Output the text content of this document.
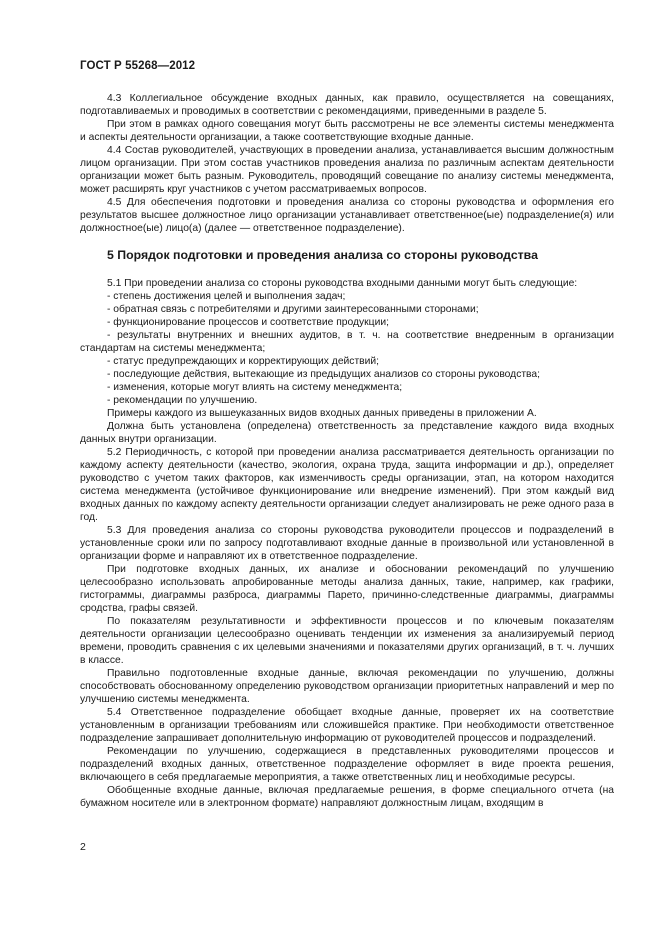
ГОСТ Р 55268—2012

4.3 Коллегиальное обсуждение входных данных, как правило, осуществляется на совещаниях, подготавливаемых и проводимых в соответствии с рекомендациями, приведенными в разделе 5.

При этом в рамках одного совещания могут быть рассмотрены не все элементы системы менеджмента и аспекты деятельности организации, а также соответствующие входные данные.

4.4 Состав руководителей, участвующих в проведении анализа, устанавливается высшим должностным лицом организации. При этом состав участников проведения анализа по различным аспектам деятельности организации может быть разным. Руководитель, проводящий совещание по анализу системы менеджмента, может расширять круг участников с учетом рассматриваемых вопросов.

4.5 Для обеспечения подготовки и проведения анализа со стороны руководства и оформления его результатов высшее должностное лицо организации устанавливает ответственное(ые) подразделение(я) или должностное(ые) лицо(а) (далее — ответственное подразделение).

5 Порядок подготовки и проведения анализа со стороны руководства

5.1 При проведении анализа со стороны руководства входными данными могут быть следующие:

- степень достижения целей и выполнения задач;

- обратная связь с потребителями и другими заинтересованными сторонами;

- функционирование процессов и соответствие продукции;

- результаты внутренних и внешних аудитов, в т. ч. на соответствие внедренным в организации стандартам на системы менеджмента;

- статус предупреждающих и корректирующих действий;

- последующие действия, вытекающие из предыдущих анализов со стороны руководства;

- изменения, которые могут влиять на систему менеджмента;

- рекомендации по улучшению.

Примеры каждого из вышеуказанных видов входных данных приведены в приложении А.

Должна быть установлена (определена) ответственность за представление каждого вида входных данных внутри организации.

5.2 Периодичность, с которой при проведении анализа рассматривается деятельность организации по каждому аспекту деятельности (качество, экология, охрана труда, защита информации и др.), определяет руководство с учетом таких факторов, как изменчивость среды организации, этап, на котором находится система менеджмента (устойчивое функционирование или внедрение изменений). При этом каждый вид входных данных по каждому аспекту деятельности организации следует анализировать не реже одного раза в год.

5.3 Для проведения анализа со стороны руководства руководители процессов и подразделений в установленные сроки или по запросу подготавливают входные данные в произвольной или установленной в организации форме и направляют их в ответственное подразделение.

При подготовке входных данных, их анализе и обосновании рекомендаций по улучшению целесообразно использовать апробированные методы анализа данных, такие, например, как графики, гистограммы, диаграммы разброса, диаграммы Парето, причинно-следственные диаграммы, диаграммы сродства, графы связей.

По показателям результативности и эффективности процессов и по ключевым показателям деятельности организации целесообразно оценивать тенденции их изменения за анализируемый период времени, проводить сравнения с их целевыми значениями и показателями других организаций, в т. ч. лучших в классе.

Правильно подготовленные входные данные, включая рекомендации по улучшению, должны способствовать обоснованному определению руководством организации приоритетных направлений и мер по улучшению системы менеджмента.

5.4 Ответственное подразделение обобщает входные данные, проверяет их на соответствие установленным в организации требованиям или сложившейся практике. При необходимости ответственное подразделение запрашивает дополнительную информацию от руководителей процессов и подразделений.

Рекомендации по улучшению, содержащиеся в представленных руководителями процессов и подразделений входных данных, ответственное подразделение оформляет в виде проекта решения, включающего в себя предлагаемые мероприятия, а также ответственных лиц и необходимые ресурсы.

Обобщенные входные данные, включая предлагаемые решения, в форме специального отчета (на бумажном носителе или в электронном формате) направляют должностным лицам, входящим в

2
